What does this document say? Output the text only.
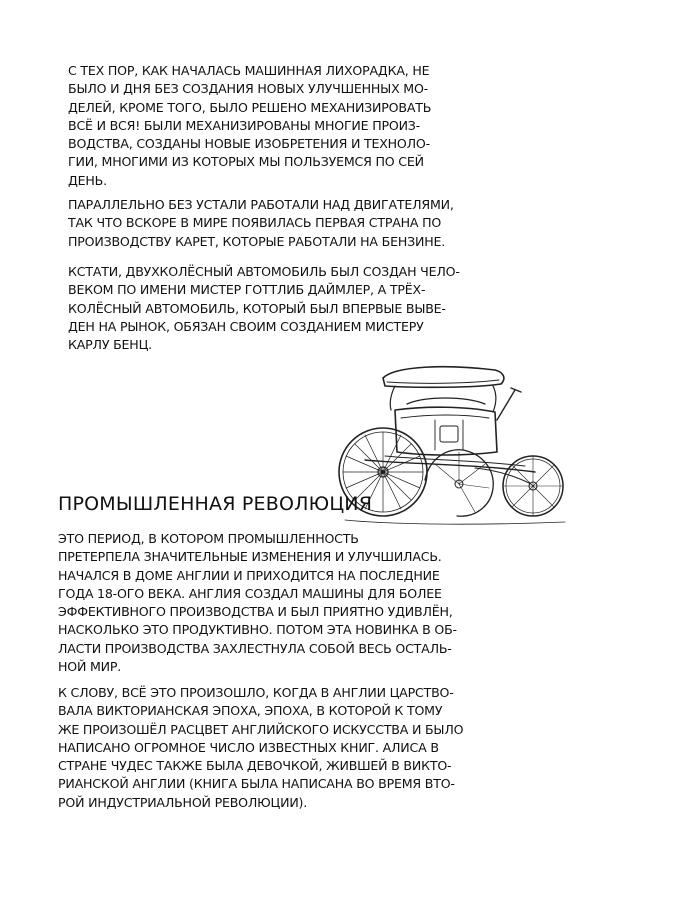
С ТЕХ ПОР, КАК НАЧАЛАСЬ МАШИННАЯ ЛИХОРАДКА, НЕ
БЫЛО И ДНЯ БЕЗ СОЗДАНИЯ НОВЫХ УЛУЧШЕННЫХ МО-
ДЕЛЕЙ, КРОМЕ ТОГО, БЫЛО РЕШЕНО МЕХАНИЗИРОВАТЬ
ВСЁ И ВСЯ! БЫЛИ МЕХАНИЗИРОВАНЫ МНОГИЕ ПРОИЗ-
ВОДСТВА, СОЗДАНЫ НОВЫЕ ИЗОБРЕТЕНИЯ И ТЕХНОЛО-
ГИИ, МНОГИМИ ИЗ КОТОРЫХ МЫ ПОЛЬЗУЕМСЯ ПО СЕЙ
ДЕНЬ.
ПАРАЛЛЕЛЬНО БЕЗ УСТАЛИ РАБОТАЛИ НАД ДВИГАТЕЛЯМИ,
ТАК ЧТО ВСКОРЕ В МИРЕ ПОЯВИЛАСЬ ПЕРВАЯ СТРАНА ПО
ПРОИЗВОДСТВУ КАРЕТ, КОТОРЫЕ РАБОТАЛИ НА БЕНЗИНЕ.
КСТАТИ, ДВУХКОЛЁСНЫЙ АВТОМОБИЛЬ БЫЛ СОЗДАН ЧЕЛО-
ВЕКОМ ПО ИМЕНИ МИСТЕР ГОТТЛИБ ДАЙМЛЕР, А ТРЁХ-
КОЛЁСНЫЙ АВТОМОБИЛЬ, КОТОРЫЙ БЫЛ ВПЕРВЫЕ ВЫВЕ-
ДЕН НА РЫНОК, ОБЯЗАН СВОИМ СОЗДАНИЕМ МИСТЕРУ
КАРЛУ БЕНЦ.
ПРОМЫШЛЕННАЯ РЕВОЛЮЦИЯ
ЭТО ПЕРИОД, В КОТОРОМ ПРОМЫШЛЕННОСТЬ
ПРЕТЕРПЕЛА ЗНАЧИТЕЛЬНЫЕ ИЗМЕНЕНИЯ И УЛУЧШИЛАСЬ.
НАЧАЛСЯ В ДОМЕ АНГЛИИ И ПРИХОДИТСЯ НА ПОСЛЕДНИЕ
ГОДА 18-ОГО ВЕКА. АНГЛИЯ СОЗДАЛ МАШИНЫ ДЛЯ БОЛЕЕ
ЭФФЕКТИВНОГО ПРОИЗВОДСТВА И БЫЛ ПРИЯТНО УДИВЛЁН,
НАСКОЛЬКО ЭТО ПРОДУКТИВНО. ПОТОМ ЭТА НОВИНКА В ОБ-
ЛАСТИ ПРОИЗВОДСТВА ЗАХЛЕСТНУЛА СОБОЙ ВЕСЬ ОСТАЛЬ-
НОЙ МИР.
К СЛОВУ, ВСЁ ЭТО ПРОИЗОШЛО, КОГДА В АНГЛИИ ЦАРСТВО-
ВАЛА ВИКТОРИАНСКАЯ ЭПОХА, ЭПОХА, В КОТОРОЙ К ТОМУ
ЖЕ ПРОИЗОШЁЛ РАСЦВЕТ АНГЛИЙСКОГО ИСКУССТВА И БЫЛО
НАПИСАНО ОГРОМНОЕ ЧИСЛО ИЗВЕСТНЫХ КНИГ. АЛИСА В
СТРАНЕ ЧУДЕС ТАКЖЕ БЫЛА ДЕВОЧКОЙ, ЖИВШЕЙ В ВИКТО-
РИАНСКОЙ АНГЛИИ (КНИГА БЫЛА НАПИСАНА ВО ВРЕМЯ ВТО-
РОЙ ИНДУСТРИАЛЬНОЙ РЕВОЛЮЦИИ).
